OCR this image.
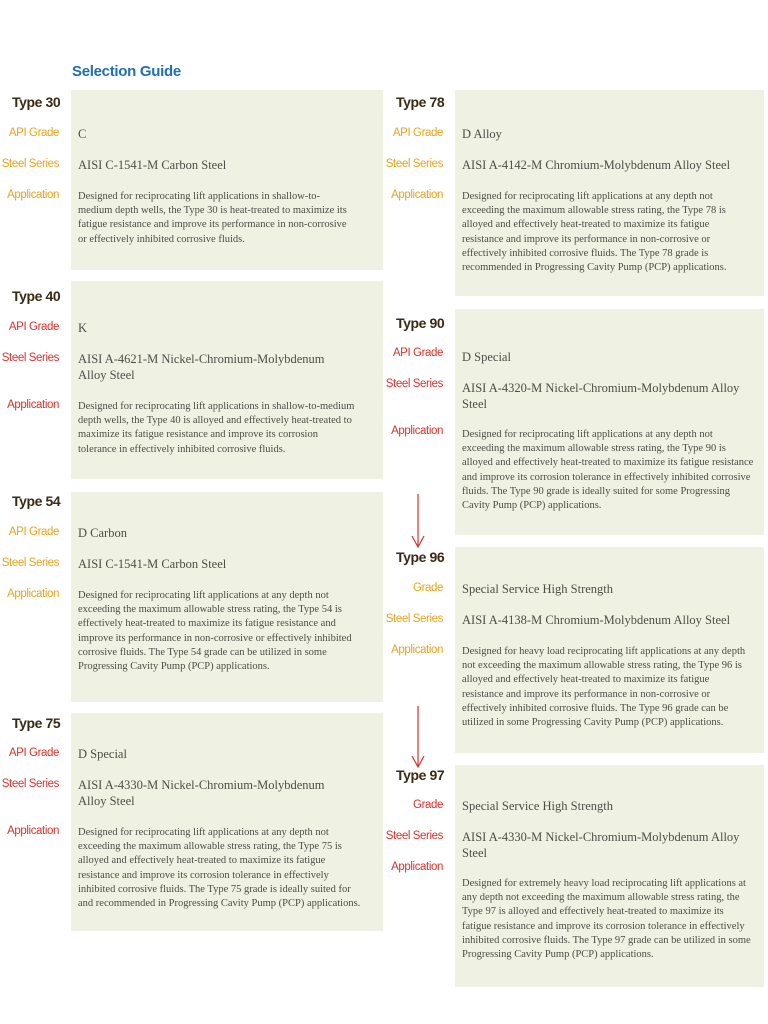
Selection Guide
Type 30
API Grade C
Steel Series AISI C-1541-M Carbon Steel
Application Designed for reciprocating lift applications in shallow-to-medium depth wells, the Type 30 is heat-treated to maximize its fatigue resistance and improve its performance in non-corrosive or effectively inhibited corrosive fluids.
Type 40
API Grade K
Steel Series AISI A-4621-M Nickel-Chromium-Molybdenum Alloy Steel
Application Designed for reciprocating lift applications in shallow-to-medium depth wells, the Type 40 is alloyed and effectively heat-treated to maximize its fatigue resistance and improve its corrosion tolerance in effectively inhibited corrosive fluids.
Type 54
API Grade D Carbon
Steel Series AISI C-1541-M Carbon Steel
Application Designed for reciprocating lift applications at any depth not exceeding the maximum allowable stress rating, the Type 54 is effectively heat-treated to maximize its fatigue resistance and improve its performance in non-corrosive or effectively inhibited corrosive fluids. The Type 54 grade can be utilized in some Progressing Cavity Pump (PCP) applications.
Type 75
API Grade D Special
Steel Series AISI A-4330-M Nickel-Chromium-Molybdenum Alloy Steel
Application Designed for reciprocating lift applications at any depth not exceeding the maximum allowable stress rating, the Type 75 is alloyed and effectively heat-treated to maximize its fatigue resistance and improve its corrosion tolerance in effectively inhibited corrosive fluids. The Type 75 grade is ideally suited for and recommended in Progressing Cavity Pump (PCP) applications.
Type 78
API Grade D Alloy
Steel Series AISI A-4142-M Chromium-Molybdenum Alloy Steel
Application Designed for reciprocating lift applications at any depth not exceeding the maximum allowable stress rating, the Type 78 is alloyed and effectively heat-treated to maximize its fatigue resistance and improve its performance in non-corrosive or effectively inhibited corrosive fluids. The Type 78 grade is recommended in Progressing Cavity Pump (PCP) applications.
Type 90
API Grade D Special
Steel Series AISI A-4320-M Nickel-Chromium-Molybdenum Alloy Steel
Application Designed for reciprocating lift applications at any depth not exceeding the maximum allowable stress rating, the Type 90 is alloyed and effectively heat-treated to maximize its fatigue resistance and improve its corrosion tolerance in effectively inhibited corrosive fluids. The Type 90 grade is ideally suited for some Progressing Cavity Pump (PCP) applications.
Type 96
Grade Special Service High Strength
Steel Series AISI A-4138-M Chromium-Molybdenum Alloy Steel
Application Designed for heavy load reciprocating lift applications at any depth not exceeding the maximum allowable stress rating, the Type 96 is alloyed and effectively heat-treated to maximize its fatigue resistance and improve its performance in non-corrosive or effectively inhibited corrosive fluids. The Type 96 grade can be utilized in some Progressing Cavity Pump (PCP) applications.
Type 97
Grade Special Service High Strength
Steel Series AISI A-4330-M Nickel-Chromium-Molybdenum Alloy Steel
Application
Designed for extremely heavy load reciprocating lift applications at any depth not exceeding the maximum allowable stress rating, the Type 97 is alloyed and effectively heat-treated to maximize its fatigue resistance and improve its corrosion tolerance in effectively inhibited corrosive fluids. The Type 97 grade can be utilized in some Progressing Cavity Pump (PCP) applications.
